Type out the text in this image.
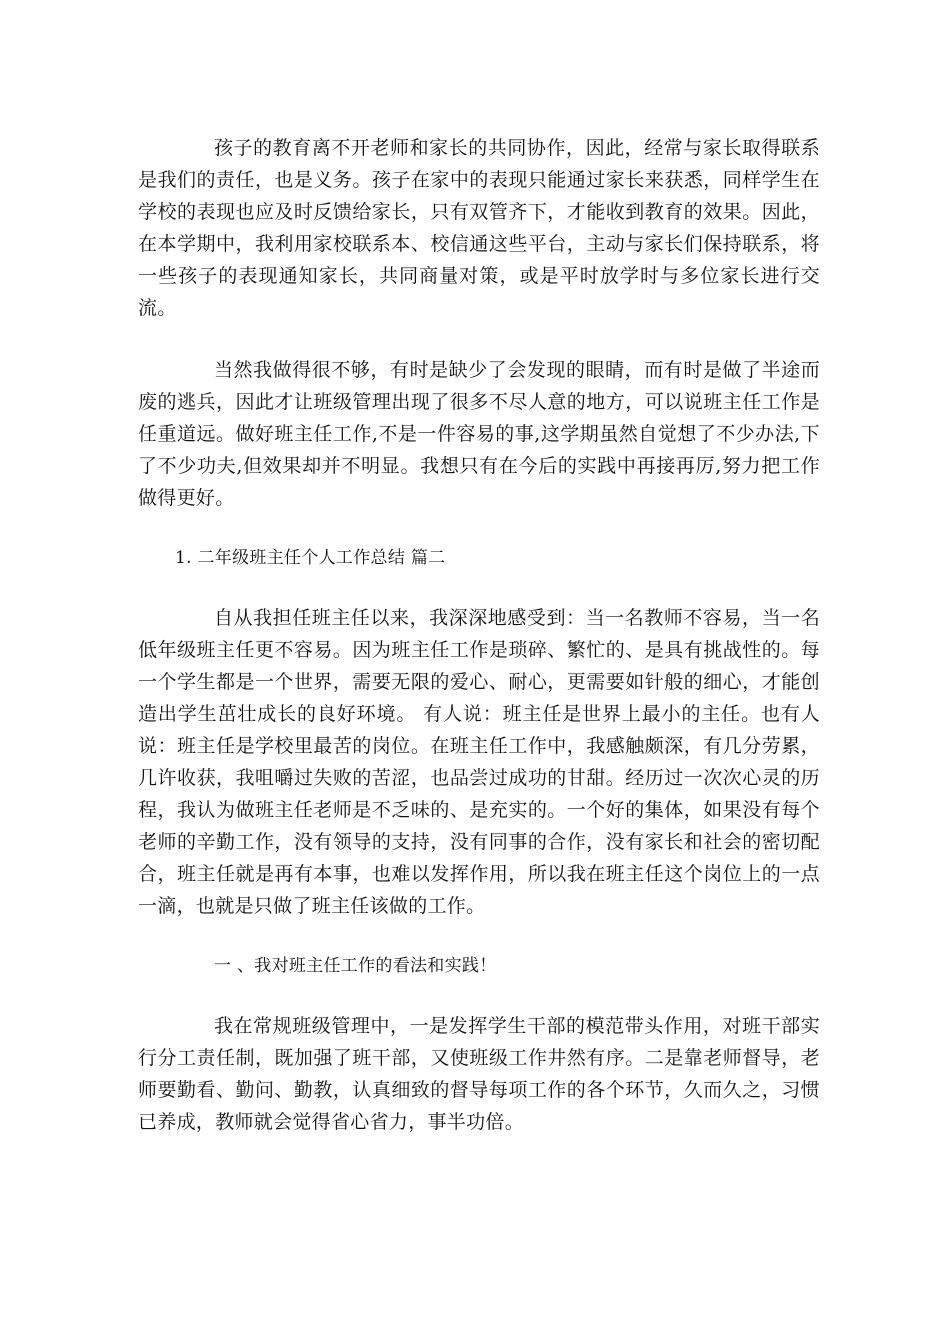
孩子的教育离不开老师和家长的共同协作，因此，经常与家长取得联系是我们的责任，也是义务。孩子在家中的表现只能通过家长来获悉，同样学生在学校的表现也应及时反馈给家长，只有双管齐下，才能收到教育的效果。因此，在本学期中，我利用家校联系本、校信通这些平台，主动与家长们保持联系，将一些孩子的表现通知家长，共同商量对策，或是平时放学时与多位家长进行交流。

当然我做得很不够，有时是缺少了会发现的眼睛，而有时是做了半途而废的逃兵，因此才让班级管理出现了很多不尽人意的地方，可以说班主任工作是任重道远。做好班主任工作,不是一件容易的事,这学期虽然自觉想了不少办法,下了不少功夫,但效果却并不明显。我想只有在今后的实践中再接再厉,努力把工作做得更好。

1. 二年级班主任个人工作总结 篇二

自从我担任班主任以来，我深深地感受到：当一名教师不容易，当一名低年级班主任更不容易。因为班主任工作是琐碎、繁忙的、是具有挑战性的。每一个学生都是一个世界，需要无限的爱心、耐心，更需要如针般的细心，才能创造出学生茁壮成长的良好环境。 有人说：班主任是世界上最小的主任。也有人说：班主任是学校里最苦的岗位。在班主任工作中，我感触颇深，有几分劳累，几许收获，我咀嚼过失败的苦涩，也品尝过成功的甘甜。经历过一次次心灵的历程，我认为做班主任老师是不乏味的、是充实的。一个好的集体，如果没有每个老师的辛勤工作，没有领导的支持，没有同事的合作，没有家长和社会的密切配合，班主任就是再有本事，也难以发挥作用，所以我在班主任这个岗位上的一点一滴，也就是只做了班主任该做的工作。

一 、我对班主任工作的看法和实践！

我在常规班级管理中，一是发挥学生干部的模范带头作用，对班干部实行分工责任制，既加强了班干部，又使班级工作井然有序。二是靠老师督导，老师要勤看、勤问、勤教，认真细致的督导每项工作的各个环节，久而久之，习惯已养成，教师就会觉得省心省力，事半功倍。
